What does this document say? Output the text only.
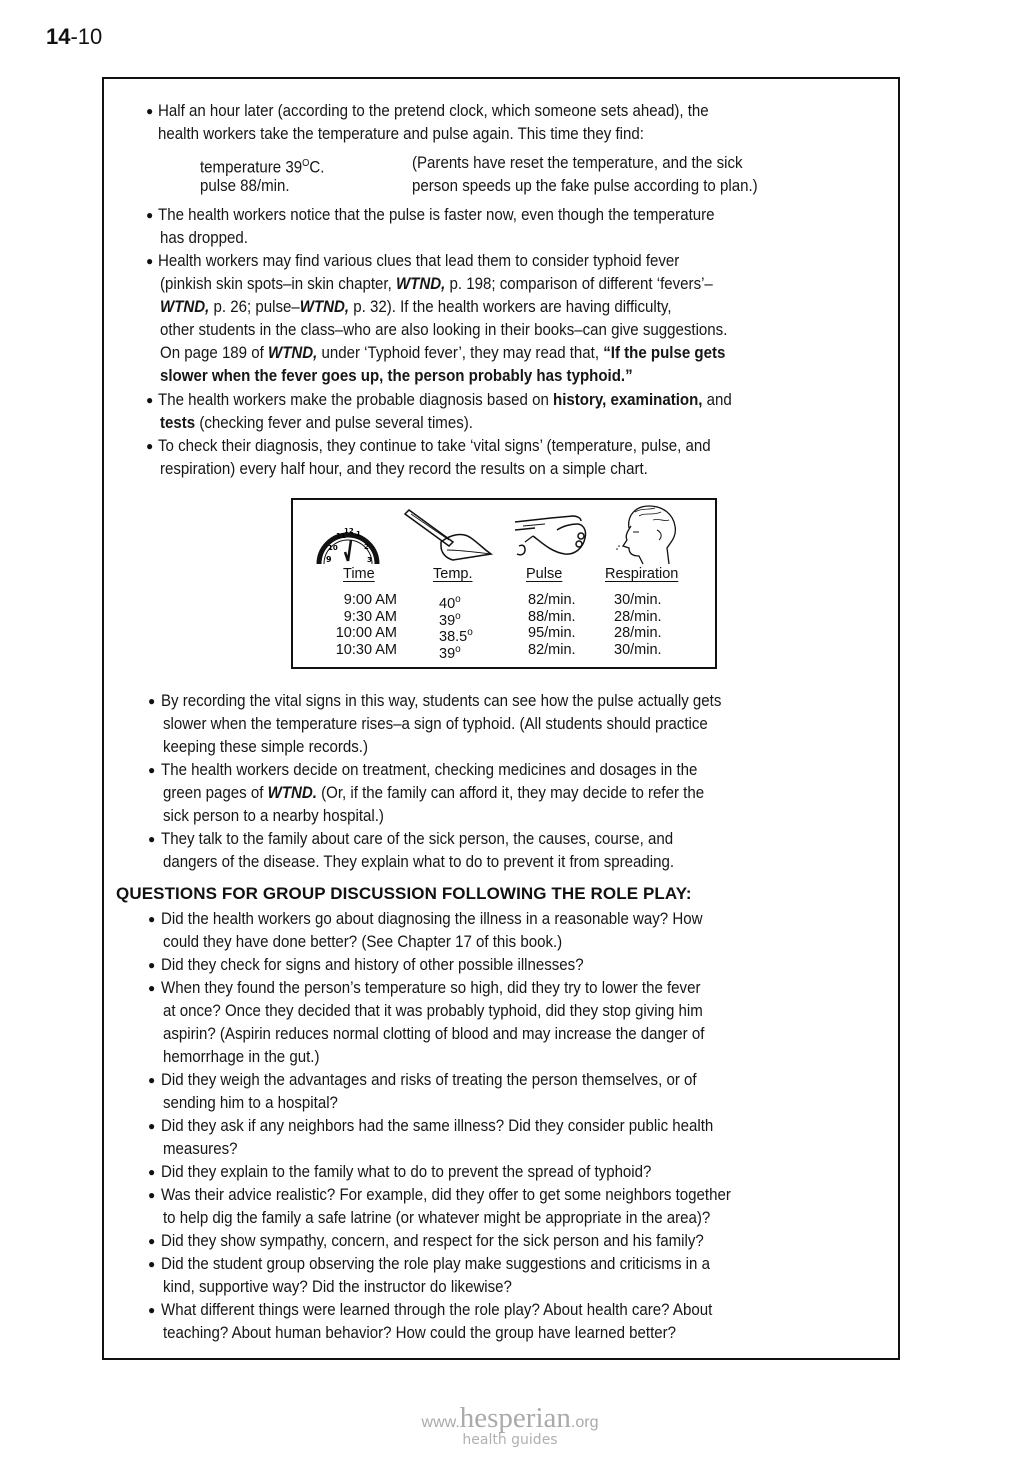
14-10
● Half an hour later (according to the pretend clock, which someone sets ahead), the
health workers take the temperature and pulse again. This time they find:
temperature $39^OC$.
pulse 88/min.
(Parents have reset the temperature, and the sick
person speeds up the fake pulse according to plan.)
● The health workers notice that the pulse is faster now, even though the temperature
has dropped.
● Health workers may find various clues that lead them to consider typhoid fever
(pinkish skin spots–in skin chapter, WTND, p. 198; comparison of different ‘fevers’–
WTND, p. 26; pulse–WTND, p. 32). If the health workers are having difficulty,
other students in the class–who are also looking in their books–can give suggestions.
On page 189 of WTND, under ‘Typhoid fever’, they may read that, “If the pulse gets
slower when the fever goes up, the person probably has typhoid.”
● The health workers make the probable diagnosis based on history, examination, and
tests (checking fever and pulse several times).
● To check their diagnosis, they continue to take ‘vital signs’ (temperature, pulse, and
respiration) every half hour, and they record the results on a simple chart.
9
10
11
12 1
2
3
Time	Temp.	Pulse	Respiration
9:00 AM	40$^o$	82/min.	30/min.
9:30 AM	39$^o$	88/min.	28/min.
10:00 AM	38.5$^o$	95/min.	28/min.
10:30 AM	39$^o$	82/min.	30/min.
● By recording the vital signs in this way, students can see how the pulse actually gets
slower when the temperature rises–a sign of typhoid. (All students should practice
keeping these simple records.)
● The health workers decide on treatment, checking medicines and dosages in the
green pages of WTND. (Or, if the family can afford it, they may decide to refer the
sick person to a nearby hospital.)
● They talk to the family about care of the sick person, the causes, course, and
dangers of the disease. They explain what to do to prevent it from spreading.
QUESTIONS FOR GROUP DISCUSSION FOLLOWING THE ROLE PLAY:
● Did the health workers go about diagnosing the illness in a reasonable way? How
could they have done better? (See Chapter 17 of this book.)
● Did they check for signs and history of other possible illnesses?
● When they found the person’s temperature so high, did they try to lower the fever
at once? Once they decided that it was probably typhoid, did they stop giving him
aspirin? (Aspirin reduces normal clotting of blood and may increase the danger of
hemorrhage in the gut.)
● Did they weigh the advantages and risks of treating the person themselves, or of
sending him to a hospital?
● Did they ask if any neighbors had the same illness? Did they consider public health
measures?
● Did they explain to the family what to do to prevent the spread of typhoid?
● Was their advice realistic? For example, did they offer to get some neighbors together
to help dig the family a safe latrine (or whatever might be appropriate in the area)?
● Did they show sympathy, concern, and respect for the sick person and his family?
● Did the student group observing the role play make suggestions and criticisms in a
kind, supportive way? Did the instructor do likewise?
● What different things were learned through the role play? About health care? About
teaching? About human behavior? How could the group have learned better?
www.hesperian.org
health guides
